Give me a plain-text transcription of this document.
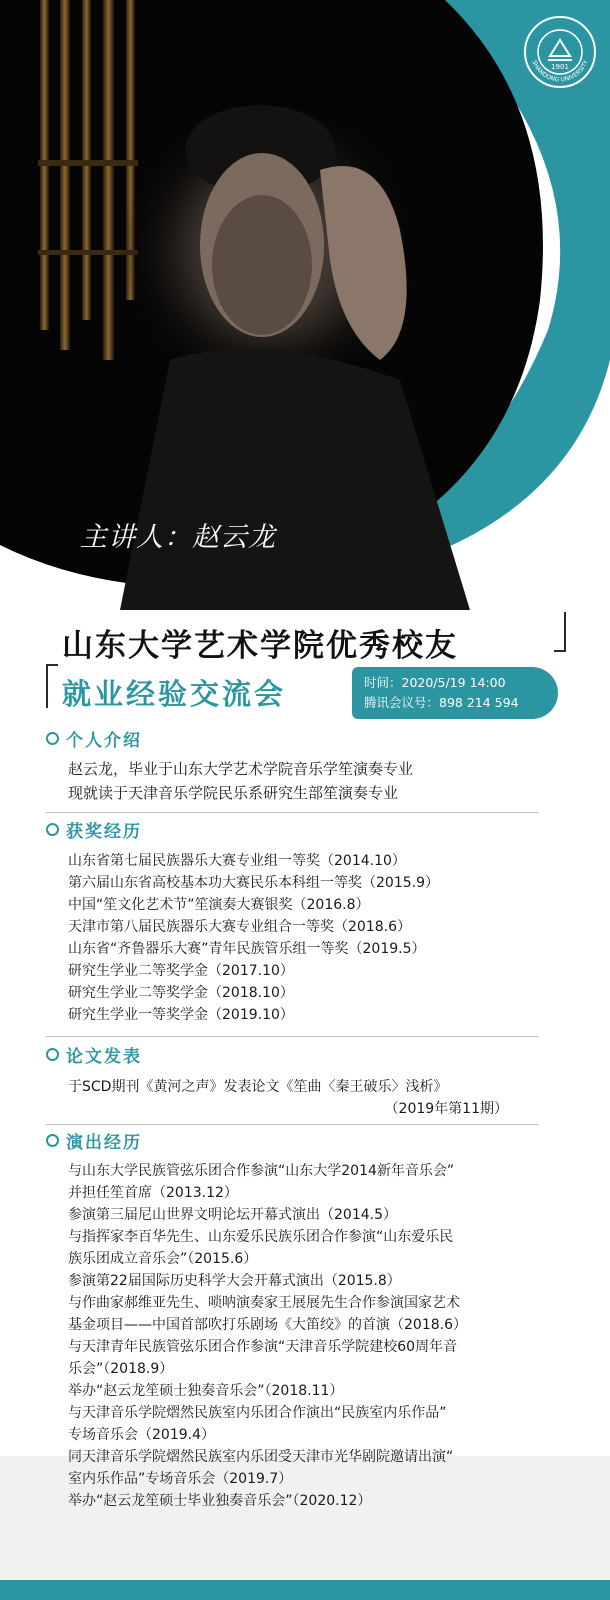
1901
SHANDONG UNIVERSITY
主讲人：赵云龙
山东大学艺术学院优秀校友
就业经验交流会	时间：2020/5/19 14:00
腾讯会议号：898 214 594
个人介绍
赵云龙，毕业于山东大学艺术学院音乐学笙演奏专业
现就读于天津音乐学院民乐系研究生部笙演奏专业
获奖经历
山东省第七届民族器乐大赛专业组一等奖（2014.10）
第六届山东省高校基本功大赛民乐本科组一等奖（2015.9）
中国“笙文化艺术节”笙演奏大赛银奖（2016.8）
天津市第八届民族器乐大赛专业组合一等奖（2018.6）
山东省“齐鲁器乐大赛”青年民族管乐组一等奖（2019.5）
研究生学业二等奖学金（2017.10）
研究生学业二等奖学金（2018.10）
研究生学业一等奖学金（2019.10）
论文发表
于SCD期刊《黄河之声》发表论文《笙曲〈秦王破乐〉浅析》
（2019年第11期）
演出经历
与山东大学民族管弦乐团合作参演“山东大学2014新年音乐会”
并担任笙首席（2013.12）
参演第三届尼山世界文明论坛开幕式演出（2014.5）
与指挥家李百华先生、山东爱乐民族乐团合作参演“山东爱乐民
族乐团成立音乐会”（2015.6）
参演第22届国际历史科学大会开幕式演出（2015.8）
与作曲家郝维亚先生、唢呐演奏家王展展先生合作参演国家艺术
基金项目——中国首部吹打乐剧场《大笛绞》的首演（2018.6）
与天津青年民族管弦乐团合作参演“天津音乐学院建校60周年音
乐会”（2018.9）
举办“赵云龙笙硕士独奏音乐会”（2018.11）
与天津音乐学院熠然民族室内乐团合作演出“民族室内乐作品”
专场音乐会（2019.4）
同天津音乐学院熠然民族室内乐团受天津市光华剧院邀请出演“
室内乐作品”专场音乐会（2019.7）
举办“赵云龙笙硕士毕业独奏音乐会”（2020.12）
